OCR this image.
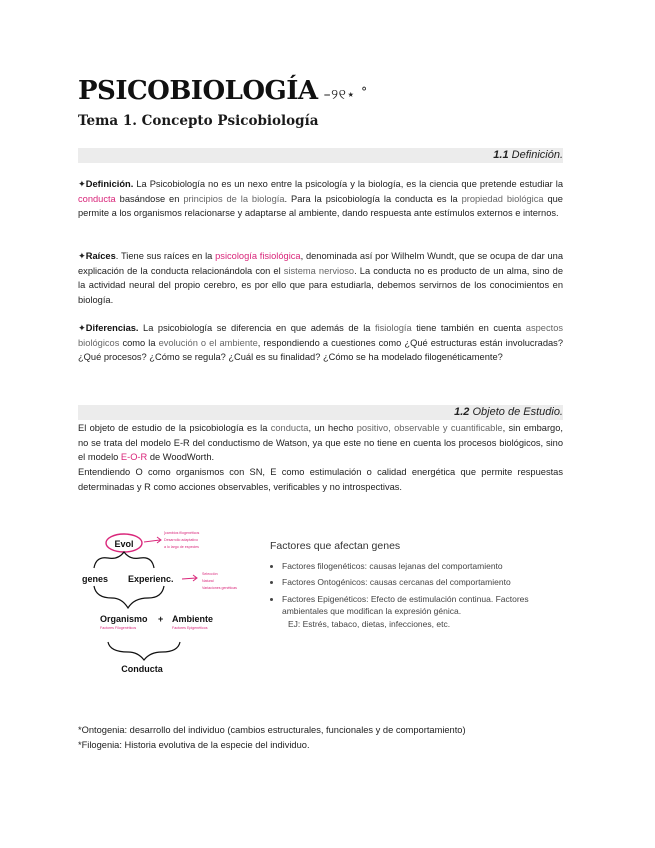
PSICOBIOLOGÍA –୨୧⋆ ˚
Tema 1. Concepto Psicobiología
1.1 Definición.
✦Definición. La Psicobiología no es un nexo entre la psicología y la biología, es la ciencia que pretende estudiar la conducta basándose en principios de la biología. Para la psicobiología la conducta es la propiedad biológica que permite a los organismos relacionarse y adaptarse al ambiente, dando respuesta ante estímulos externos e internos.
✦Raíces. Tiene sus raíces en la psicología fisiológica, denominada así por Wilhelm Wundt, que se ocupa de dar una explicación de la conducta relacionándola con el sistema nervioso. La conducta no es producto de un alma, sino de la actividad neural del propio cerebro, es por ello que para estudiarla, debemos servirnos de los conocimientos en biología.
✦Diferencias. La psicobiología se diferencia en que además de la fisiología tiene también en cuenta aspectos biológicos como la evolución o el ambiente, respondiendo a cuestiones como ¿Qué estructuras están involucradas? ¿Qué procesos? ¿Cómo se regula? ¿Cuál es su finalidad? ¿Cómo se ha modelado filogenéticamente?
1.2 Objeto de Estudio.
El objeto de estudio de la psicobiología es la conducta, un hecho positivo, observable y cuantificable, sin embargo, no se trata del modelo E-R del conductismo de Watson, ya que este no tiene en cuenta los procesos biológicos, sino el modelo E-O-R de WoodWorth.
Entendiendo O como organismos con SN, E como estimulación o calidad energética que permite respuestas determinadas y R como acciones observables, verificables y no introspectivas.
Evol
[cambios filogenéticos
Desarrollo adaptativo
a lo largo de especies
genes Experienc.	Selección
Natural
Variaciones genéticas
Organismo + Ambiente
Factores Filogenéticos	Factores Epigenéticos
Conducta
Factores que afectan genes
• Factores filogenéticos: causas lejanas del comportamiento
• Factores Ontogénicos: causas cercanas del comportamiento
• Factores Epigenéticos: Efecto de estimulación continua. Factores ambientales que modifican la expresión génica.
EJ: Estrés, tabaco, dietas, infecciones, etc.
*Ontogenia: desarrollo del individuo (cambios estructurales, funcionales y de comportamiento)
*Filogenia: Historia evolutiva de la especie del individuo.
